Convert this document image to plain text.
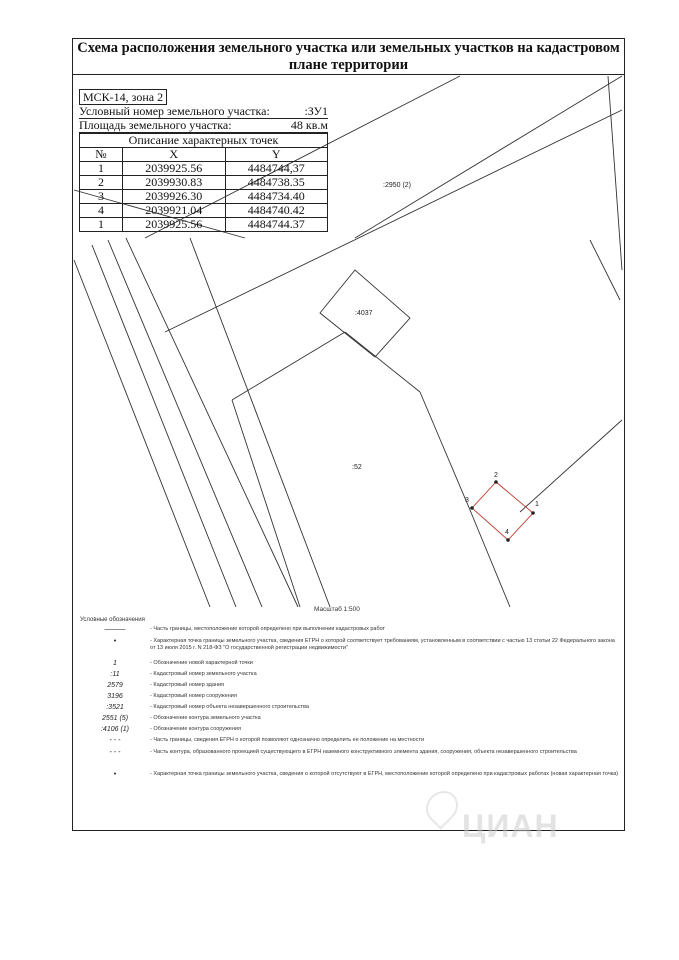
Схема расположения земельного участка или земельных участков на кадастровом плане территории
:2950 (2)
:4037
:52
1
2
3
4
МСК-14, зона 2
Условный номер земельного участка:	:ЗУ1
Площадь земельного участка:	48 кв.м
Описание характерных точек		
№	X	Y
1	2039925.56	4484744,37
2	2039930.83	4484738.35
3	2039926.30	4484734.40
4	2039921.04	4484740.42
1	2039925.56	4484744.37
Масштаб 1:500
Условные обозначения
———	- Часть границы, местоположение которой определено при выполнении кадастровых работ
•	- Характерная точка границы земельного участка, сведения ЕГРН о которой соответствует требованиям, установленным в соответствии с частью 13 статьи 22 Федерального закона от 13 июля 2015 г. N 218-ФЗ "О государственной регистрации недвижимости"
1	- Обозначение новой характерной точки
:11	- Кадастровый номер земельного участка
2579	- Кадастровый номер здания
3196	- Кадастровый номер сооружения
:3521	- Кадастровый номер объекта незавершенного строительства
2551 (5)	- Обозначение контура земельного участка
:4106 (1)	- Обозначение контура сооружения
- - -	- Часть границы, сведения ЕГРН о которой позволяют однозначно определить ее положение на местности
- - -	- Часть контура, образованного проекцией существующего в ЕГРН наземного конструктивного элемента здания, сооружения, объекта незавершенного строительства
•	- Характерная точка границы земельного участка, сведения о которой отсутствуют в ЕГРН, местоположение которой определено при кадастровых работах (новая характерная точка)
ЦИАН
